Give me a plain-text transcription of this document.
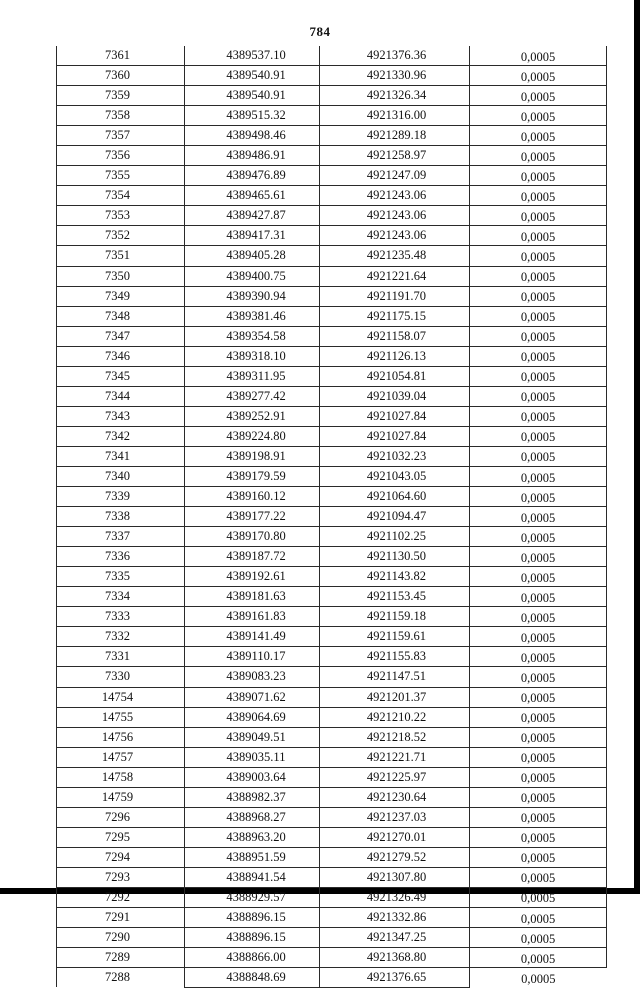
784
7361	4389537.10	4921376.36	0,0005
7360	4389540.91	4921330.96	0,0005
7359	4389540.91	4921326.34	0,0005
7358	4389515.32	4921316.00	0,0005
7357	4389498.46	4921289.18	0,0005
7356	4389486.91	4921258.97	0,0005
7355	4389476.89	4921247.09	0,0005
7354	4389465.61	4921243.06	0,0005
7353	4389427.87	4921243.06	0,0005
7352	4389417.31	4921243.06	0,0005
7351	4389405.28	4921235.48	0,0005
7350	4389400.75	4921221.64	0,0005
7349	4389390.94	4921191.70	0,0005
7348	4389381.46	4921175.15	0,0005
7347	4389354.58	4921158.07	0,0005
7346	4389318.10	4921126.13	0,0005
7345	4389311.95	4921054.81	0,0005
7344	4389277.42	4921039.04	0,0005
7343	4389252.91	4921027.84	0,0005
7342	4389224.80	4921027.84	0,0005
7341	4389198.91	4921032.23	0,0005
7340	4389179.59	4921043.05	0,0005
7339	4389160.12	4921064.60	0,0005
7338	4389177.22	4921094.47	0,0005
7337	4389170.80	4921102.25	0,0005
7336	4389187.72	4921130.50	0,0005
7335	4389192.61	4921143.82	0,0005
7334	4389181.63	4921153.45	0,0005
7333	4389161.83	4921159.18	0,0005
7332	4389141.49	4921159.61	0,0005
7331	4389110.17	4921155.83	0,0005
7330	4389083.23	4921147.51	0,0005
14754	4389071.62	4921201.37	0,0005
14755	4389064.69	4921210.22	0,0005
14756	4389049.51	4921218.52	0,0005
14757	4389035.11	4921221.71	0,0005
14758	4389003.64	4921225.97	0,0005
14759	4388982.37	4921230.64	0,0005
7296	4388968.27	4921237.03	0,0005
7295	4388963.20	4921270.01	0,0005
7294	4388951.59	4921279.52	0,0005
7293	4388941.54	4921307.80	0,0005
7292	4388929.57	4921326.49	0,0005
7291	4388896.15	4921332.86	0,0005
7290	4388896.15	4921347.25	0,0005
7289	4388866.00	4921368.80	0,0005
7288	4388848.69	4921376.65	0,0005
